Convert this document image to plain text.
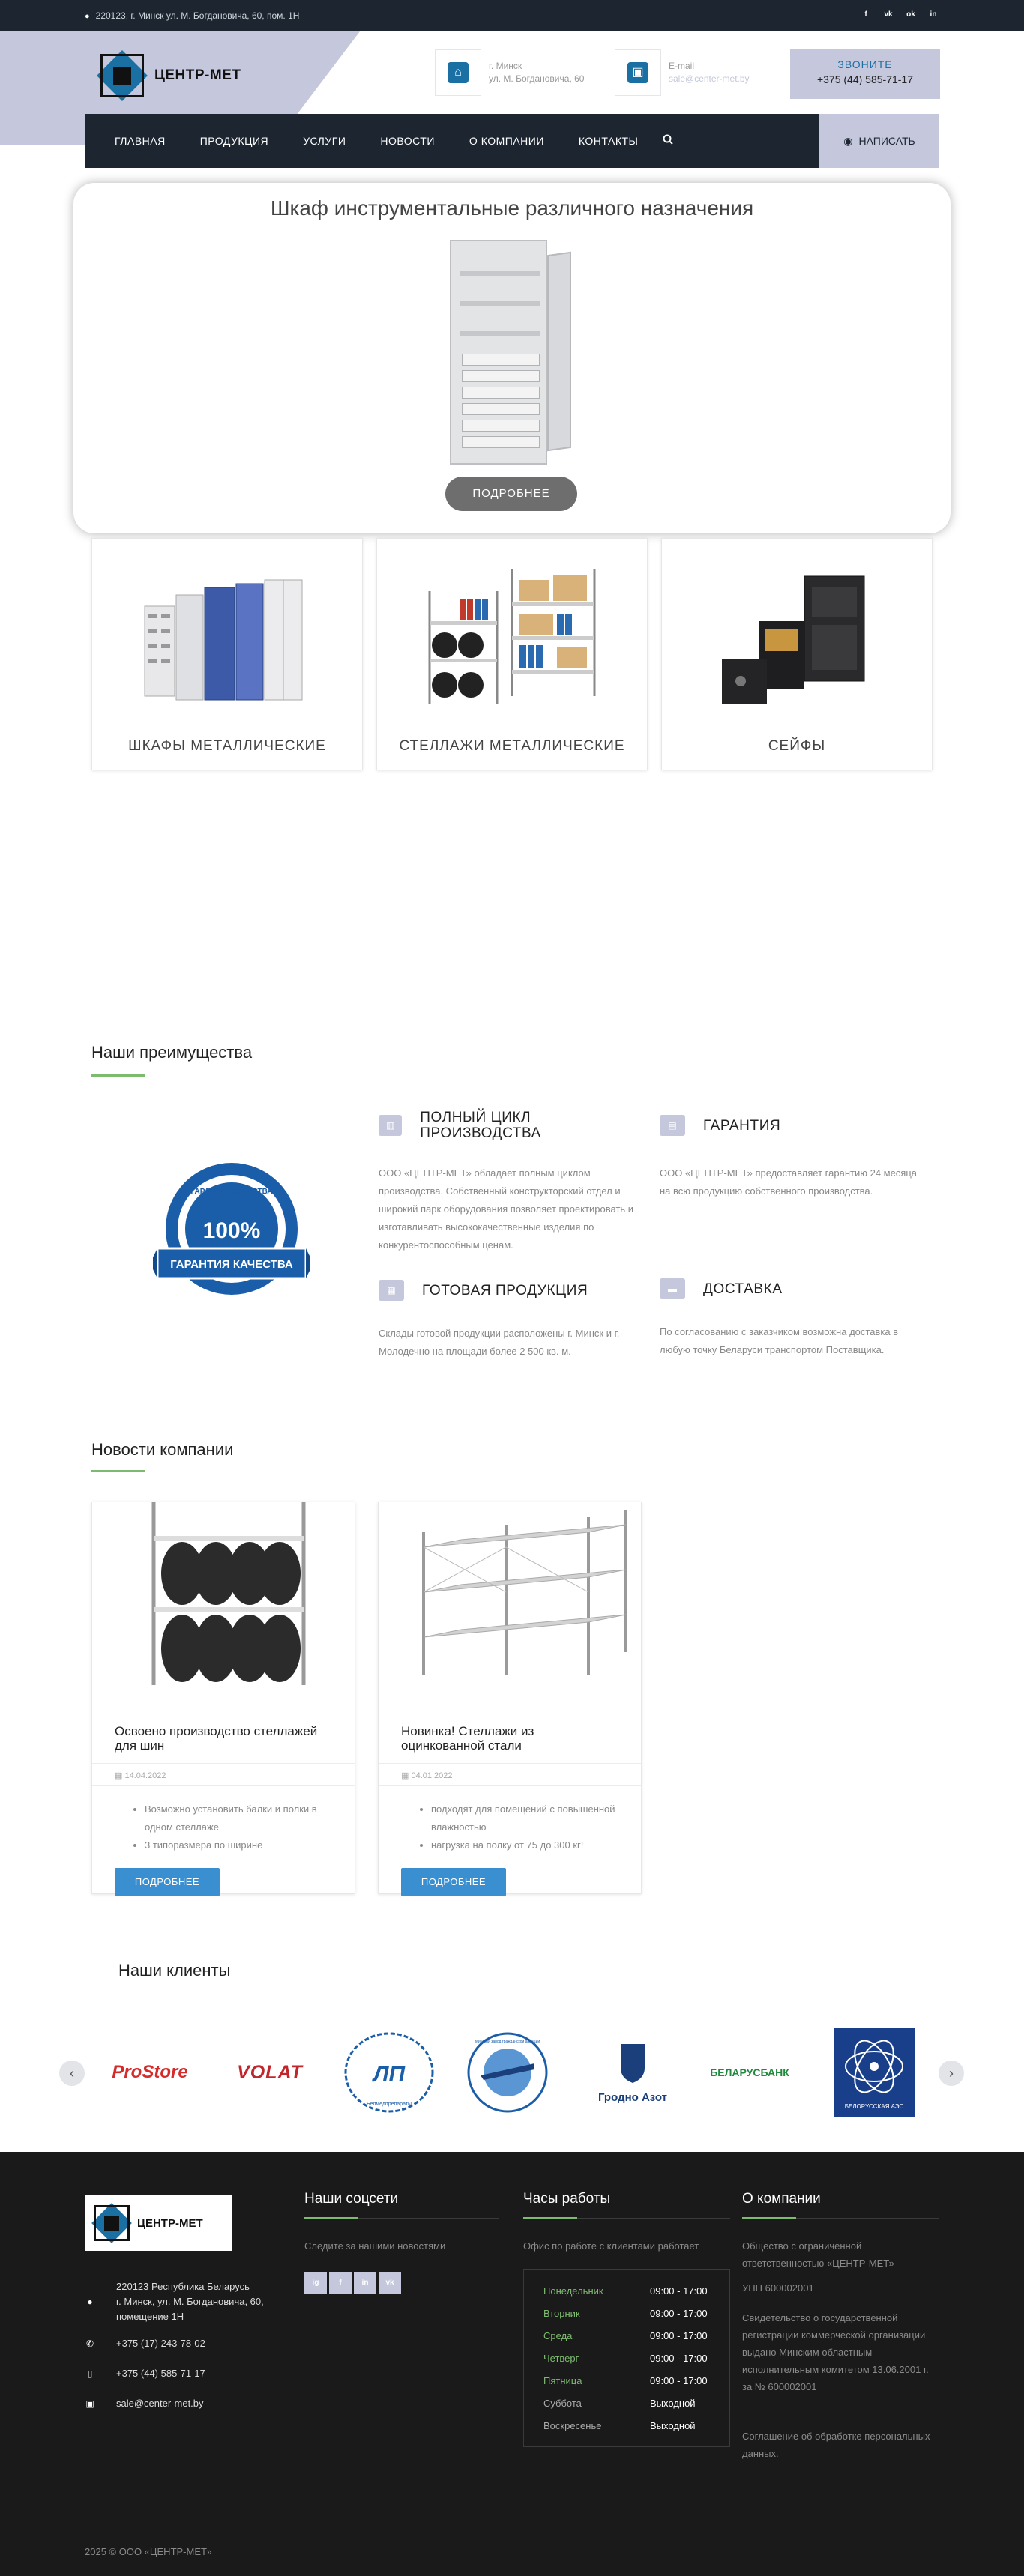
● 220123, г. Минск ул. М. Богдановича, 60, пом. 1Н	f	vk ok	in
ЦЕНТР-МЕТ	⌂	г. Минск
ул. М. Богдановича, 60	▣	E-mail
sale@center-met.by
ЗВОНИТЕ
+375 (44) 585-71-17
ГЛАВНАЯ	ПРОДУКЦИЯ	УСЛУГИ	НОВОСТИ	О КОМПАНИИ	КОНТАКТЫ	◉ НАПИСАТЬ
Шкаф инструментальные различного назначения
ПОДРОБНЕЕ
ШКАФЫ МЕТАЛЛИЧЕСКИЕ	СТЕЛЛАЖИ МЕТАЛЛИЧЕСКИЕ	СЕЙФЫ
Наши преимущества
ГАРАНТИЯ КАЧЕСТВА
100%
ГАРАНТИЯ КАЧЕСТВА
▥	ПОЛНЫЙ ЦИКЛ ПРОИЗВОДСТВА
ООО «ЦЕНТР-МЕТ» обладает полным циклом производства. Собственный конструкторский отдел и широкий парк оборудования позволяет проектировать и изготавливать высококачественные изделия по конкурентоспособным ценам.
▤	ГАРАНТИЯ
ООО «ЦЕНТР-МЕТ» предоставляет гарантию 24 месяца на всю продукцию собственного производства.
▦	ГОТОВАЯ ПРОДУКЦИЯ
Склады готовой продукции расположены г. Минск и г. Молодечно на площади более 2 500 кв. м.
▬	ДОСТАВКА
По согласованию с заказчиком возможна доставка в любую точку Беларуси транспортом Поставщика.
Новости компании
Освоено производство стеллажей для шин
▦ 14.04.2022
• Возможно установить балки и полки в одном стеллаже
• 3 типоразмера по ширине
ПОДРОБНЕЕ
Новинка! Стеллажи из оцинкованной стали
▦ 04.01.2022
• подходят для помещений с повышенной влажностью
• нагрузка на полку от 75 до 300 кг!
ПОДРОБНЕЕ
Наши клиенты
‹	›
ProStore	VOLAT	ЛП
Белмедпрепараты
Минский завод гражданской авиации
Гродно Азот
БЕЛАРУСБАНК
БЕЛОРУССКАЯ АЭС
ЦЕНТР-МЕТ
●
220123 Республика Беларусь
г. Минск, ул. М. Богдановича, 60,
помещение 1Н
✆ +375 (17) 243-78-02
▯ +375 (44) 585-71-17
▣ sale@center-met.by
Наши соцсети
Следите за нашими новостями
ig	f	in vk
Часы работы
Офис по работе с клиентами работает
Понедельник	09:00 - 17:00
Вторник	09:00 - 17:00
Среда	09:00 - 17:00
Четверг	09:00 - 17:00
Пятница	09:00 - 17:00
Суббота	Выходной
Воскресенье	Выходной
О компании
Общество с ограниченной ответственностью «ЦЕНТР-МЕТ»
УНП 600002001
Свидетельство о государственной регистрации коммерческой организации выдано Минским областным исполнительным комитетом 13.06.2001 г. за № 600002001
Соглашение об обработке персональных данных.
2025 © ООО «ЦЕНТР-МЕТ»
